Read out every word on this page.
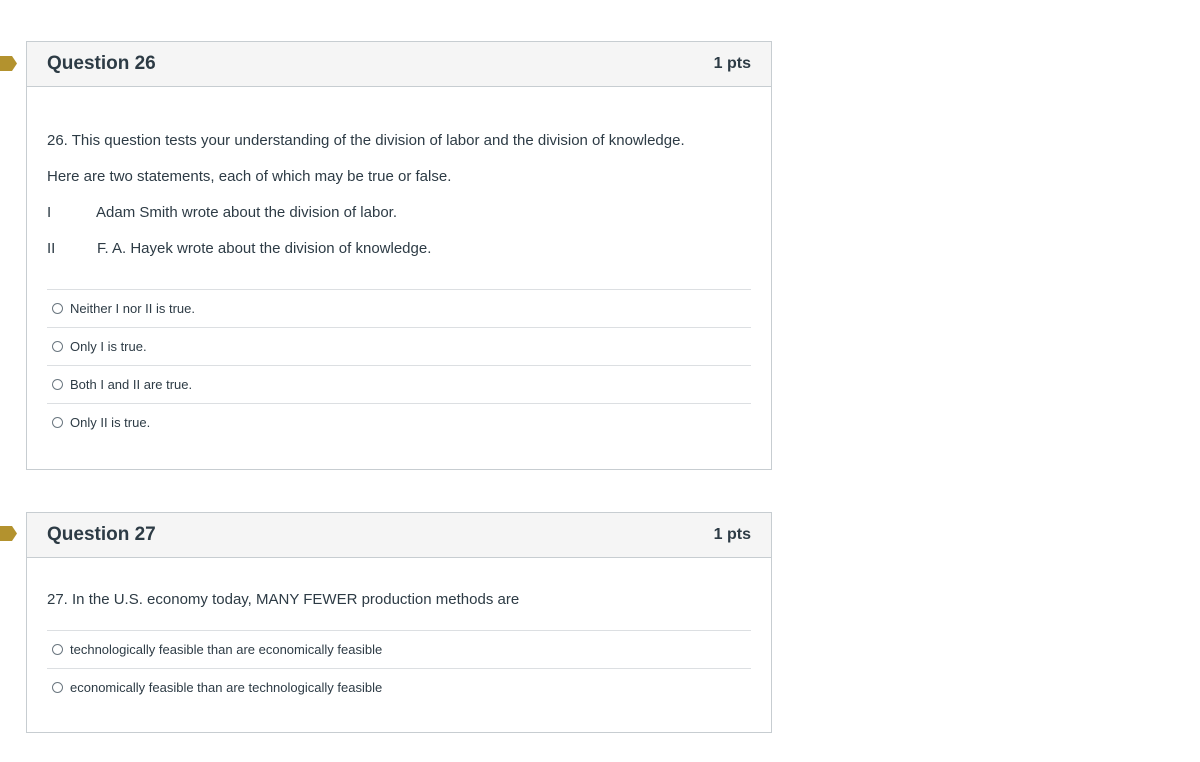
Question 26	1 pts

26. This question tests your understanding of the division of labor and the division of knowledge.

Here are two statements, each of which may be true or false.

I	Adam Smith wrote about the division of labor.
II	F. A. Hayek wrote about the division of knowledge.
Neither I nor II is true.
Only I is true.
Both I and II are true.
Only II is true.
Question 27	1 pts
27. In the U.S. economy today, MANY FEWER production methods are
technologically feasible than are economically feasible
economically feasible than are technologically feasible
